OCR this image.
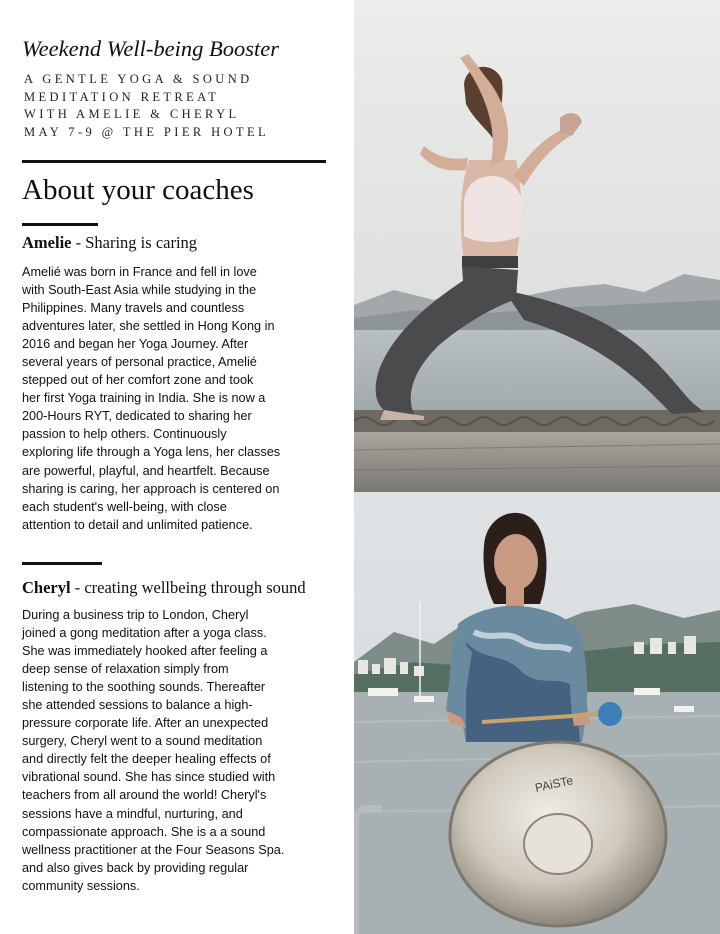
Weekend Well-being Booster
A GENTLE YOGA & SOUND
MEDITATION RETREAT
WITH AMELIE & CHERYL
MAY 7-9 @ THE PIER HOTEL
About your coaches
Amelie - Sharing is caring
Amelié was born in France and fell in love
with South-East Asia while studying in the
Philippines. Many travels and countless
adventures later, she settled in Hong Kong in
2016 and began her Yoga Journey. After
several years of personal practice, Amelié
stepped out of her comfort zone and took
her first Yoga training in India. She is now a
200-Hours RYT, dedicated to sharing her
passion to help others. Continuously
exploring life through a Yoga lens, her classes
are powerful, playful, and heartfelt. Because
sharing is caring, her approach is centered on
each student's well-being, with close
attention to detail and unlimited patience.
Cheryl - creating wellbeing through sound
During a business trip to London, Cheryl
joined a gong meditation after a yoga class.
She was immediately hooked after feeling a
deep sense of relaxation simply from
listening to the soothing sounds. Thereafter
she attended sessions to balance a high-
pressure corporate life. After an unexpected
surgery, Cheryl went to a sound meditation
and directly felt the deeper healing effects of
vibrational sound. She has since studied with
teachers from all around the world! Cheryl's
sessions have a mindful, nurturing, and
compassionate approach. She is a a sound
wellness practitioner at the Four Seasons Spa.
and also gives back by providing regular
community sessions.
PAiSTe
